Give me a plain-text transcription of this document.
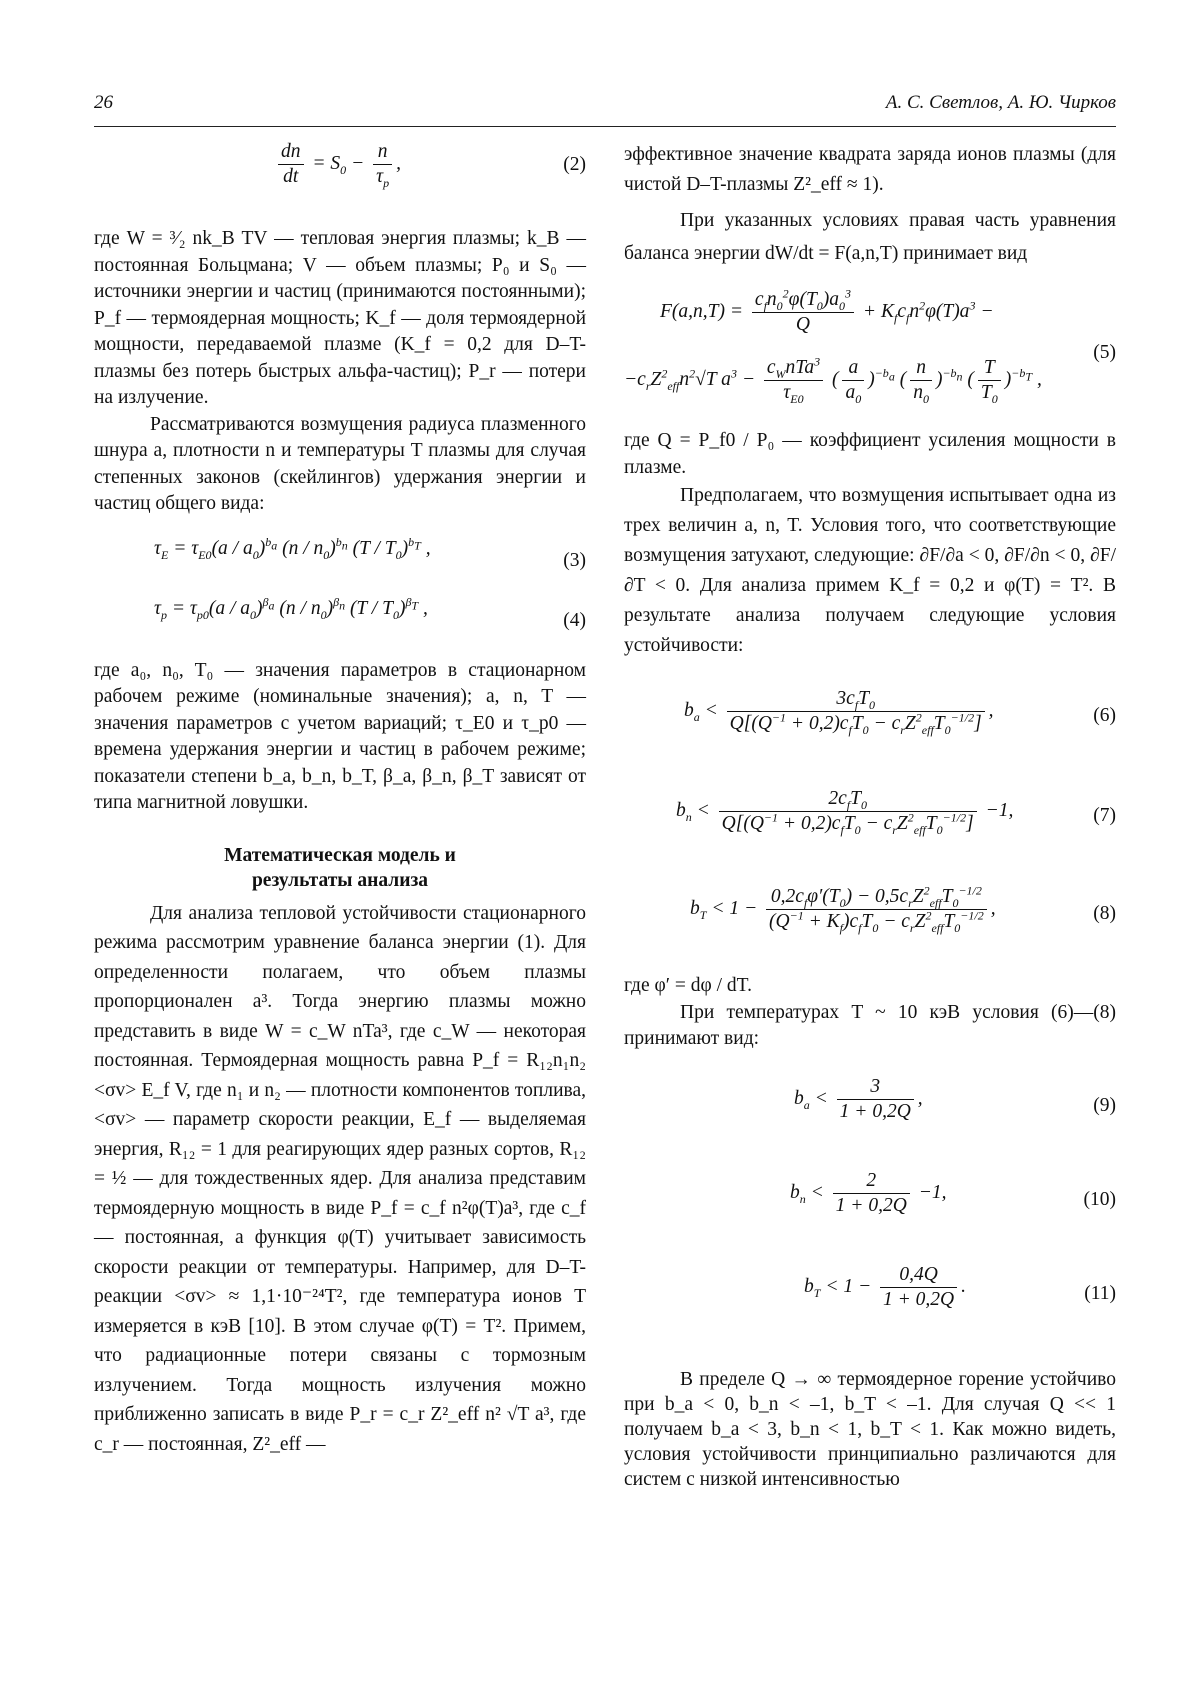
26	А. С. Светлов, А. Ю. Чирков
$\frac{dn}{dt} = S_0 - \frac{n}{\tau_p}$ ,	(2)

где W = ³⁄₂ nk_B TV — тепловая энергия плазмы; k_B — постоянная Больцмана; V — объем плазмы; P₀ и S₀ — источники энергии и частиц (принимаются постоянными); P_f — термоядерная мощность; K_f — доля термоядерной мощности, передаваемой плазме (K_f = 0,2 для D–T-плазмы без потерь быстрых альфа-частиц); P_r — потери на излучение.

Рассматриваются возмущения радиуса плазменного шнура a, плотности n и температуры T плазмы для случая степенных законов (скейлингов) удержания энергии и частиц общего вида:

$\tau_E = \tau_{E0}(a / a_0)^{b_a}$ $(n / n_0)^{b_n}$ $(T / T_0)^{b_T}$ ,
(3)
$\tau_p = \tau_{p0}(a / a_0)^{\beta_a}$ $(n / n_0)^{\beta_n}$ $(T / T_0)^{\beta_T}$ ,
(4)

где a₀, n₀, T₀ — значения параметров в стационарном рабочем режиме (номинальные значения); a, n, T — значения параметров с учетом вариаций; τ_E0 и τ_p0 — времена удержания энергии и частиц в рабочем режиме; показатели степени b_a, b_n, b_T, β_a, β_n, β_T зависят от типа магнитной ловушки.

Математическая модель и результаты анализа

Для анализа тепловой устойчивости стационарного режима рассмотрим уравнение баланса энергии (1). Для определенности полагаем, что объем плазмы пропорционален a³. Тогда энергию плазмы можно представить в виде W = c_W nTa³, где c_W — некоторая постоянная. Термоядерная мощность равна P_f = R₁₂n₁n₂ <σv> E_f V, где n₁ и n₂ — плотности компонентов топлива, <σv> — параметр скорости реакции, E_f — выделяемая энергия, R₁₂ = 1 для реагирующих ядер разных сортов, R₁₂ = ½ — для тождественных ядер. Для анализа представим термоядерную мощность в виде P_f = c_f n²φ(T)a³, где c_f — постоянная, а функция φ(T) учитывает зависимость скорости реакции от температуры. Например, для D–T-реакции <σv> ≈ 1,1·10⁻²⁴T², где температура ионов T измеряется в кэВ [10]. В этом случае φ(T) = T². Примем, что радиационные потери связаны с тормозным излучением. Тогда мощность излучения можно приближенно записать в виде P_r = c_r Z²_eff n² √T a³, где c_r — постоянная, Z²_eff —

эффективное значение квадрата заряда ионов плазмы (для чистой D–T-плазмы Z²_eff ≈ 1).

При указанных условиях правая часть уравнения баланса энергии dW/dt = F(a,n,T) принимает вид

$F(a,n,T) = \frac{c_fn_0^2\varphi(T_0)a_0^3}{Q} + K_fc_fn^2\varphi(T)a^3$ −
$-c_rZ^2_{eff}n^2√T$ $a^3 - \frac{c_WnTa^3}{\tau_{E0}}$ ( $\frac{a}{a_0} )^{-b_a}$ ( $\frac{n}{n_0} )^{-b_n}$ ( $\frac{T}{T_0} )^{-b_T}$ ,
(5)

где Q = P_f0 / P₀ — коэффициент усиления мощности в плазме.

Предполагаем, что возмущения испытывает одна из трех величин a, n, T. Условия того, что соответствующие возмущения затухают, следующие: ∂F/∂a < 0, ∂F/∂n < 0, ∂F/∂T < 0. Для анализа примем K_f = 0,2 и φ(T) = T². В результате анализа получаем следующие условия устойчивости:

$b_a < \frac{3c_fT_0}{Q[(Q^{-1} + 0,2)c_fT_0 - c_rZ^2_{eff}T_0^{-1/2}]}$ ,	(6)
$b_n < \frac{2c_fT_0}{Q[(Q^{-1} + 0,2)c_fT_0 - c_rZ^2_{eff}T_0^{-1/2}]} -1$,	(7)
$b_T < 1 - \frac{0,2c_f\varphi'(T_0) - 0,5c_rZ^2_{eff}T_0^{-1/2}}{(Q^{-1} + K_f)c_fT_0 - c_rZ^2_{eff}T_0^{-1/2}}$ ,	(8)

где φ′ = dφ / dT.

При температурах T ~ 10 кэВ условия (6)—(8) принимают вид:

$b_a < \frac{3}{1 + 0,2Q}$ ,	(9)
$b_n < \frac{2}{1 + 0,2Q} -1$,	(10)
$b_T < 1 - \frac{0,4Q}{1 + 0,2Q}$ .	(11)

В пределе Q → ∞ термоядерное горение устойчиво при b_a < 0, b_n < –1, b_T < –1. Для случая Q << 1 получаем b_a < 3, b_n < 1, b_T < 1. Как можно видеть, условия устойчивости принципиально различаются для систем с низкой интенсивностью
